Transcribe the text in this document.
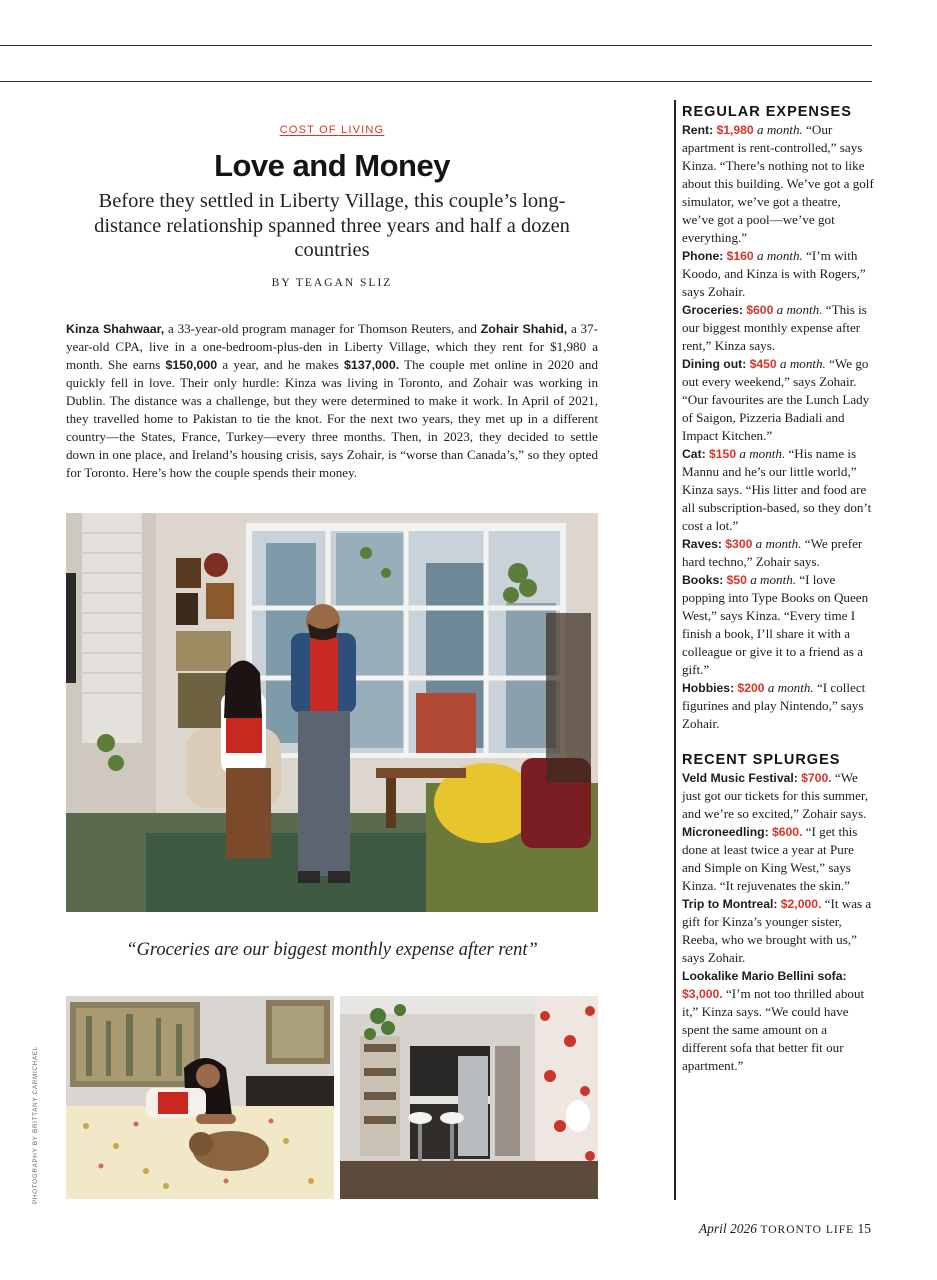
COST OF LIVING
Love and Money
Before they settled in Liberty Village, this couple’s long-distance relationship spanned three years and half a dozen countries
BY TEAGAN SLIZ
Kinza Shahwaar, a 33-year-old program manager for Thomson Reuters, and Zohair Shahid, a 37-year-old CPA, live in a one-bedroom-plus-den in Liberty Village, which they rent for $1,980 a month. She earns $150,000 a year, and he makes $137,000. The couple met online in 2020 and quickly fell in love. Their only hurdle: Kinza was living in Toronto, and Zohair was working in Dublin. The distance was a challenge, but they were determined to make it work. In April of 2021, they travelled home to Pakistan to tie the knot. For the next two years, they met up in a different country—the States, France, Turkey—every three months. Then, in 2023, they decided to settle down in one place, and Ireland’s housing crisis, says Zohair, is “worse than Canada’s,” so they opted for Toronto. Here’s how the couple spends their money.
“Groceries are our biggest monthly expense after rent”
PHOTOGRAPHY BY BRITTANY CARMICHAEL
REGULAR EXPENSES
Rent: $1,980 a month. “Our apartment is rent-controlled,” says Kinza. “There’s nothing not to like about this building. We’ve got a golf simulator, we’ve got a theatre, we’ve got a pool—we’ve got everything.”
Phone: $160 a month. “I’m with Koodo, and Kinza is with Rogers,” says Zohair.
Groceries: $600 a month. “This is our biggest monthly expense after rent,” Kinza says.
Dining out: $450 a month. “We go out every weekend,” says Zohair. “Our favourites are the Lunch Lady of Saigon, Pizzeria Badiali and Impact Kitchen.”
Cat: $150 a month. “His name is Mannu and he’s our little world,” Kinza says. “His litter and food are all subscription-based, so they don’t cost a lot.”
Raves: $300 a month. “We prefer hard techno,” Zohair says.
Books: $50 a month. “I love popping into Type Books on Queen West,” says Kinza. “Every time I finish a book, I’ll share it with a colleague or give it to a friend as a gift.”
Hobbies: $200 a month. “I collect figurines and play Nintendo,” says Zohair.
RECENT SPLURGES
Veld Music Festival: $700. “We just got our tickets for this summer, and we’re so excited,” Zohair says.
Microneedling: $600. “I get this done at least twice a year at Pure and Simple on King West,” says Kinza. “It rejuvenates the skin.”
Trip to Montreal: $2,000. “It was a gift for Kinza’s younger sister, Reeba, who we brought with us,” says Zohair.
Lookalike Mario Bellini sofa: $3,000. “I’m not too thrilled about it,” Kinza says. “We could have spent the same amount on a different sofa that better fit our apartment.”
April 2026 TORONTO LIFE 15
